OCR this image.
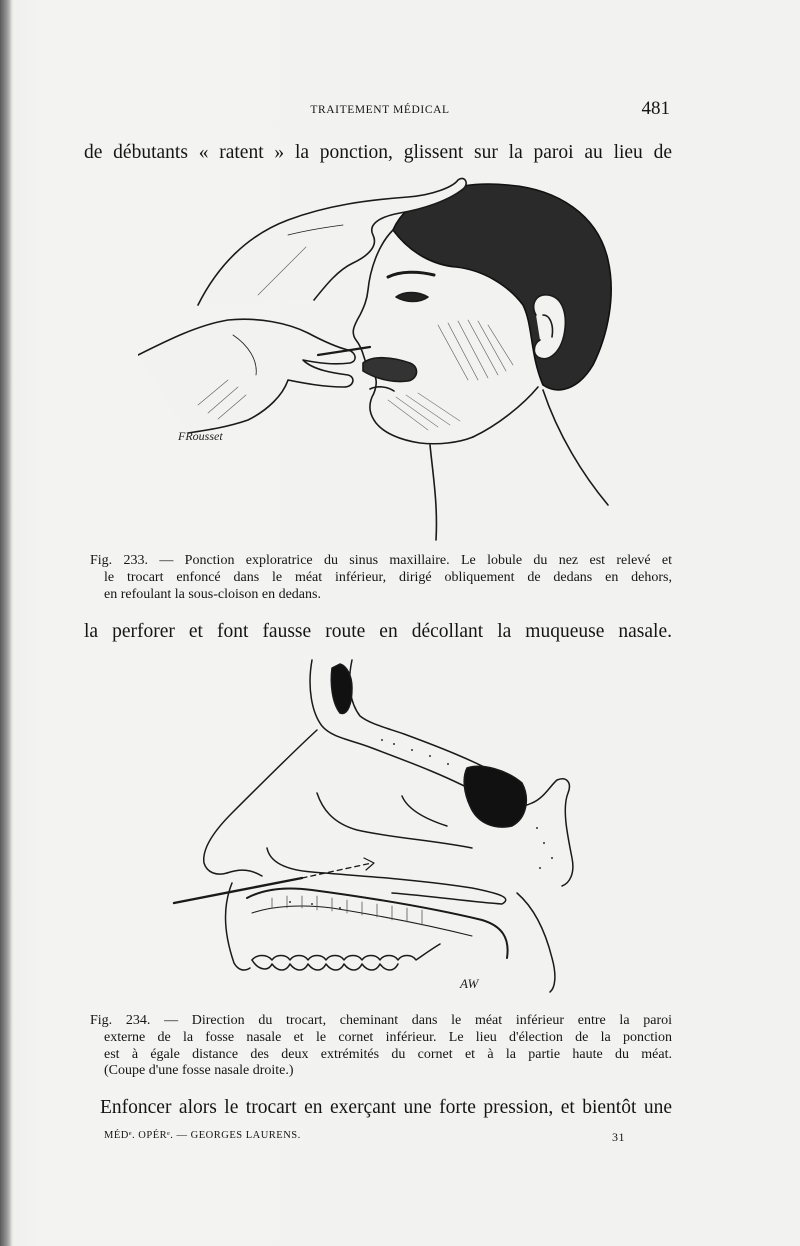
TRAITEMENT MÉDICAL	481
de débutants « ratent » la ponction, glissent sur la paroi au lieu de
FRousset
Fig. 233. — Ponction exploratrice du sinus maxillaire. Le lobule du nez est relevé et
le trocart enfoncé dans le méat inférieur, dirigé obliquement de dedans en dehors,
en refoulant la sous-cloison en dedans.
la perforer et font fausse route en décollant la muqueuse nasale.
AW
Fig. 234. — Direction du trocart, cheminant dans le méat inférieur entre la paroi
externe de la fosse nasale et le cornet inférieur. Le lieu d'élection de la ponction
est à égale distance des deux extrémités du cornet et à la partie haute du méat.
(Coupe d'une fosse nasale droite.)
Enfoncer alors le trocart en exerçant une forte pression, et bientôt une
MÉDᵉ. OPÉRᵉ. — GEORGES LAURENS.	31
